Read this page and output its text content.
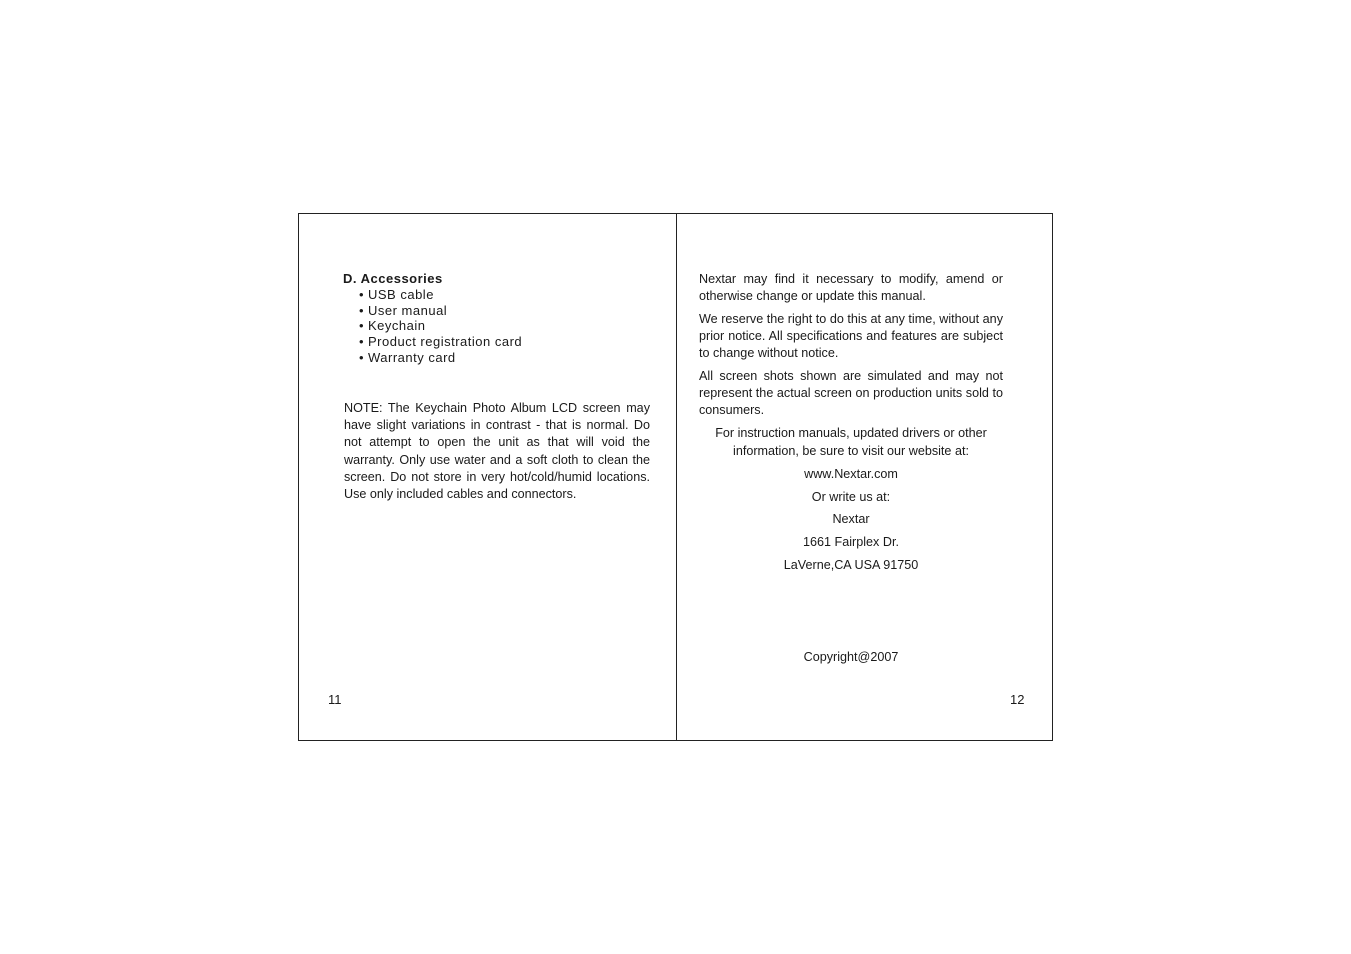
D. Accessories
• USB cable
• User manual
• Keychain
• Product registration card
• Warranty card

NOTE: The Keychain Photo Album LCD screen may have slight variations in contrast - that is normal. Do not attempt to open the unit as that will void the warranty. Only use water and a soft cloth to clean the screen. Do not store in very hot/cold/humid locations. Use only included cables and connectors.

11

Nextar may find it necessary to modify, amend or otherwise change or update this manual.

We reserve the right to do this at any time, without any prior notice. All specifications and features are subject to change without notice.

All screen shots shown are simulated and may not represent the actual screen on production units sold to consumers.

For instruction manuals, updated drivers or other

information, be sure to visit our website at:

www.Nextar.com

Or write us at:

Nextar

1661 Fairplex Dr.

LaVerne,CA USA 91750

Copyright@2007

12
